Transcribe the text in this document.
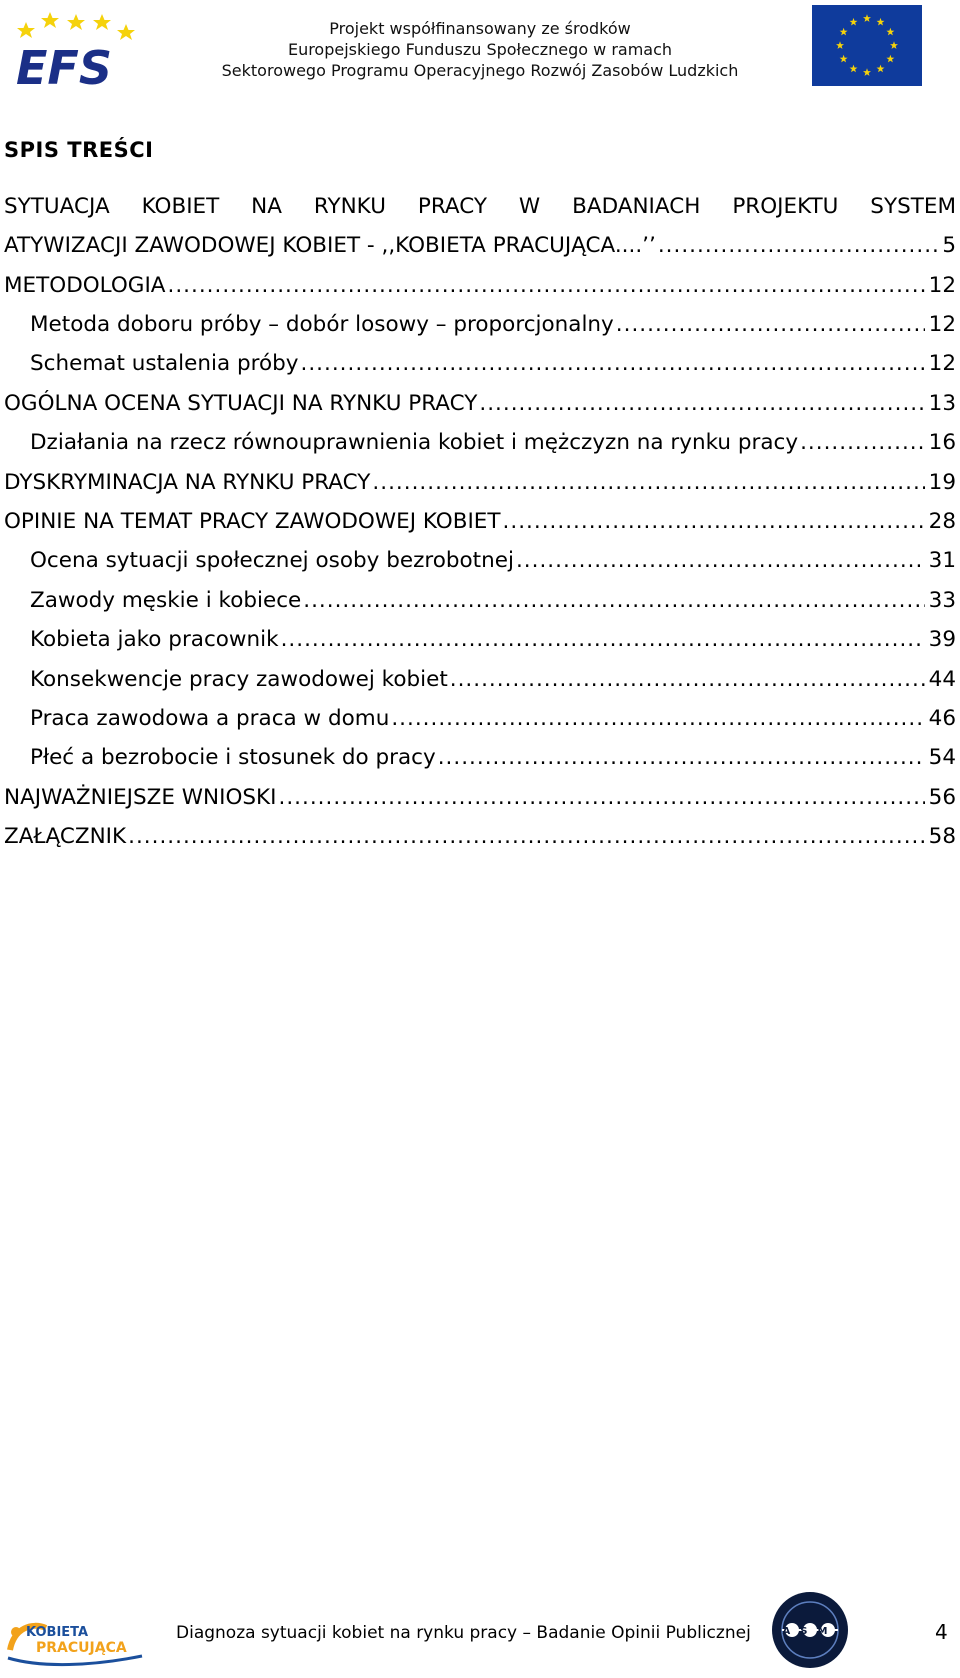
EFS
Projekt współfinansowany ze środków
Europejskiego Funduszu Społecznego w ramach
Sektorowego Programu Operacyjnego Rozwój Zasobów Ludzkich
SPIS TREŚCI
SYTUACJA KOBIET NA RYNKU PRACY W BADANIACH PROJEKTU SYSTEM
ATYWIZACJI ZAWODOWEJ KOBIET - ,,KOBIETA PRACUJĄCA....’’ .....	5
METODOLOGIA .....	12
Metoda doboru próby – dobór losowy – proporcjonalny .....	12
Schemat ustalenia próby .....	12
OGÓLNA OCENA SYTUACJI NA RYNKU PRACY .....	13
Działania na rzecz równouprawnienia kobiet i mężczyzn na rynku pracy .....	16
DYSKRYMINACJA NA RYNKU PRACY .....	19
OPINIE NA TEMAT PRACY ZAWODOWEJ KOBIET .....	28
Ocena sytuacji społecznej osoby bezrobotnej .....	31
Zawody męskie i kobiece .....	33
Kobieta jako pracownik .....	39
Konsekwencje pracy zawodowej kobiet .....	44
Praca zawodowa a praca w domu .....	46
Płeć a bezrobocie i stosunek do pracy .....	54
NAJWAŻNIEJSZE WNIOSKI .....	56
ZAŁĄCZNIK .....	58
KOBIETA
PRACUJĄCA
Diagnoza sytuacji kobiet na rynku pracy – Badanie Opinii Publicznej	ASM	4
